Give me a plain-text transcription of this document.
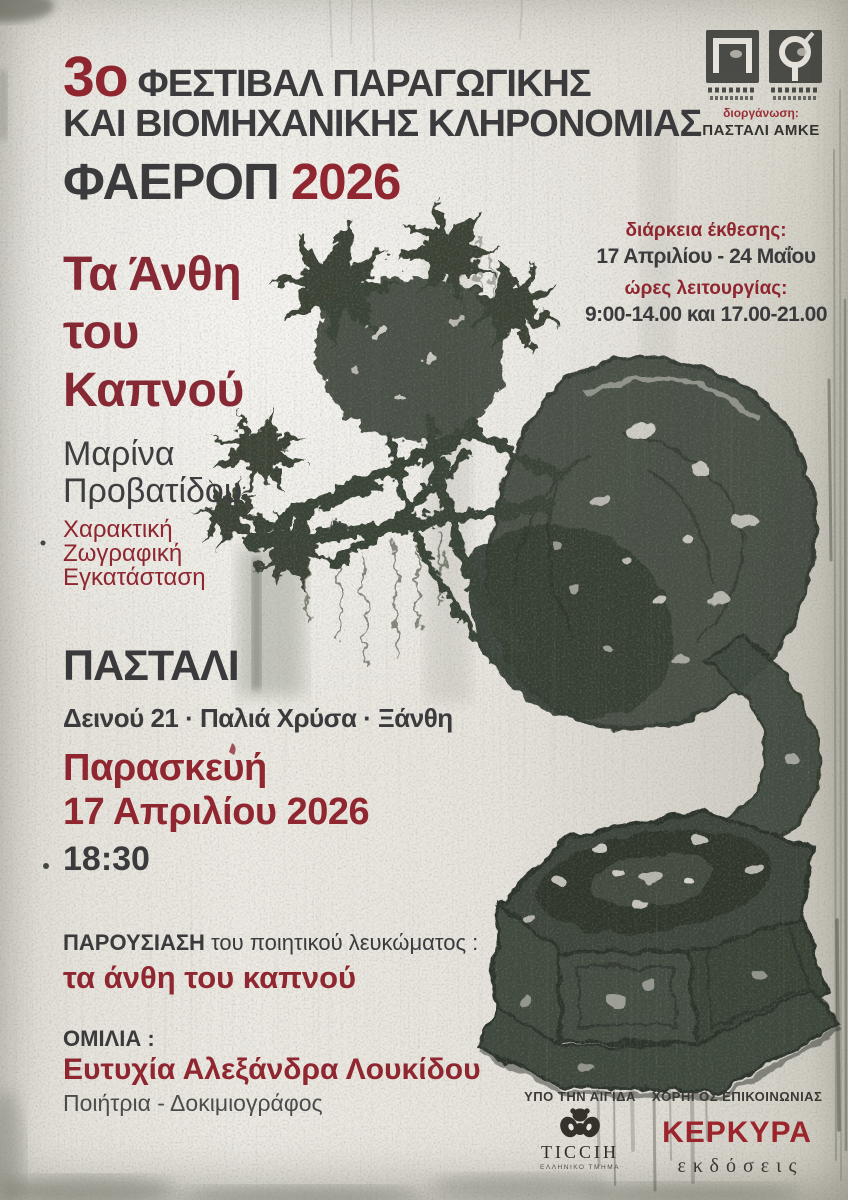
3ο ΦΕΣΤΙΒΑΛ ΠΑΡΑΓΩΓΙΚΗΣ
ΚΑΙ ΒΙΟΜΗΧΑΝΙΚΗΣ ΚΛΗΡΟΝΟΜΙΑΣ
ΦΑΕΡΟΠ 2026
διοργάνωση:
ΠΑΣΤΑΛΙ ΑΜΚΕ
διάρκεια έκθεσης:
17 Απριλίου - 24 Μαΐου
ώρες λειτουργίας:
9:00-14.00 και 17.00-21.00
Τα Άνθη
του
Καπνού
Μαρίνα
Προβατίδου
Χαρακτική
Ζωγραφική
Εγκατάσταση
ΠΑΣΤΑΛΙ
Δεινού 21 · Παλιά Χρύσα · Ξάνθη
Παρασκευή
17 Απριλίου 2026
18:30
ΠΑΡΟΥΣΙΑΣΗ του ποιητικού λευκώματος :
τα άνθη του καπνού
ΟΜΙΛΙΑ :
Ευτυχία Αλεξάνδρα Λουκίδου
Ποιήτρια - Δοκιμιογράφος	ΥΠΟ ΤΗΝ ΑΙΓΙΔΑ
TICCIH
ΕΛΛΗΝΙΚΟ ΤΜΗΜΑ
ΧΟΡΗΓΟΣ ΕΠΙΚΟΙΝΩΝΙΑΣ
ΚΕΡΚΥΡΑ
εκδόσεις
